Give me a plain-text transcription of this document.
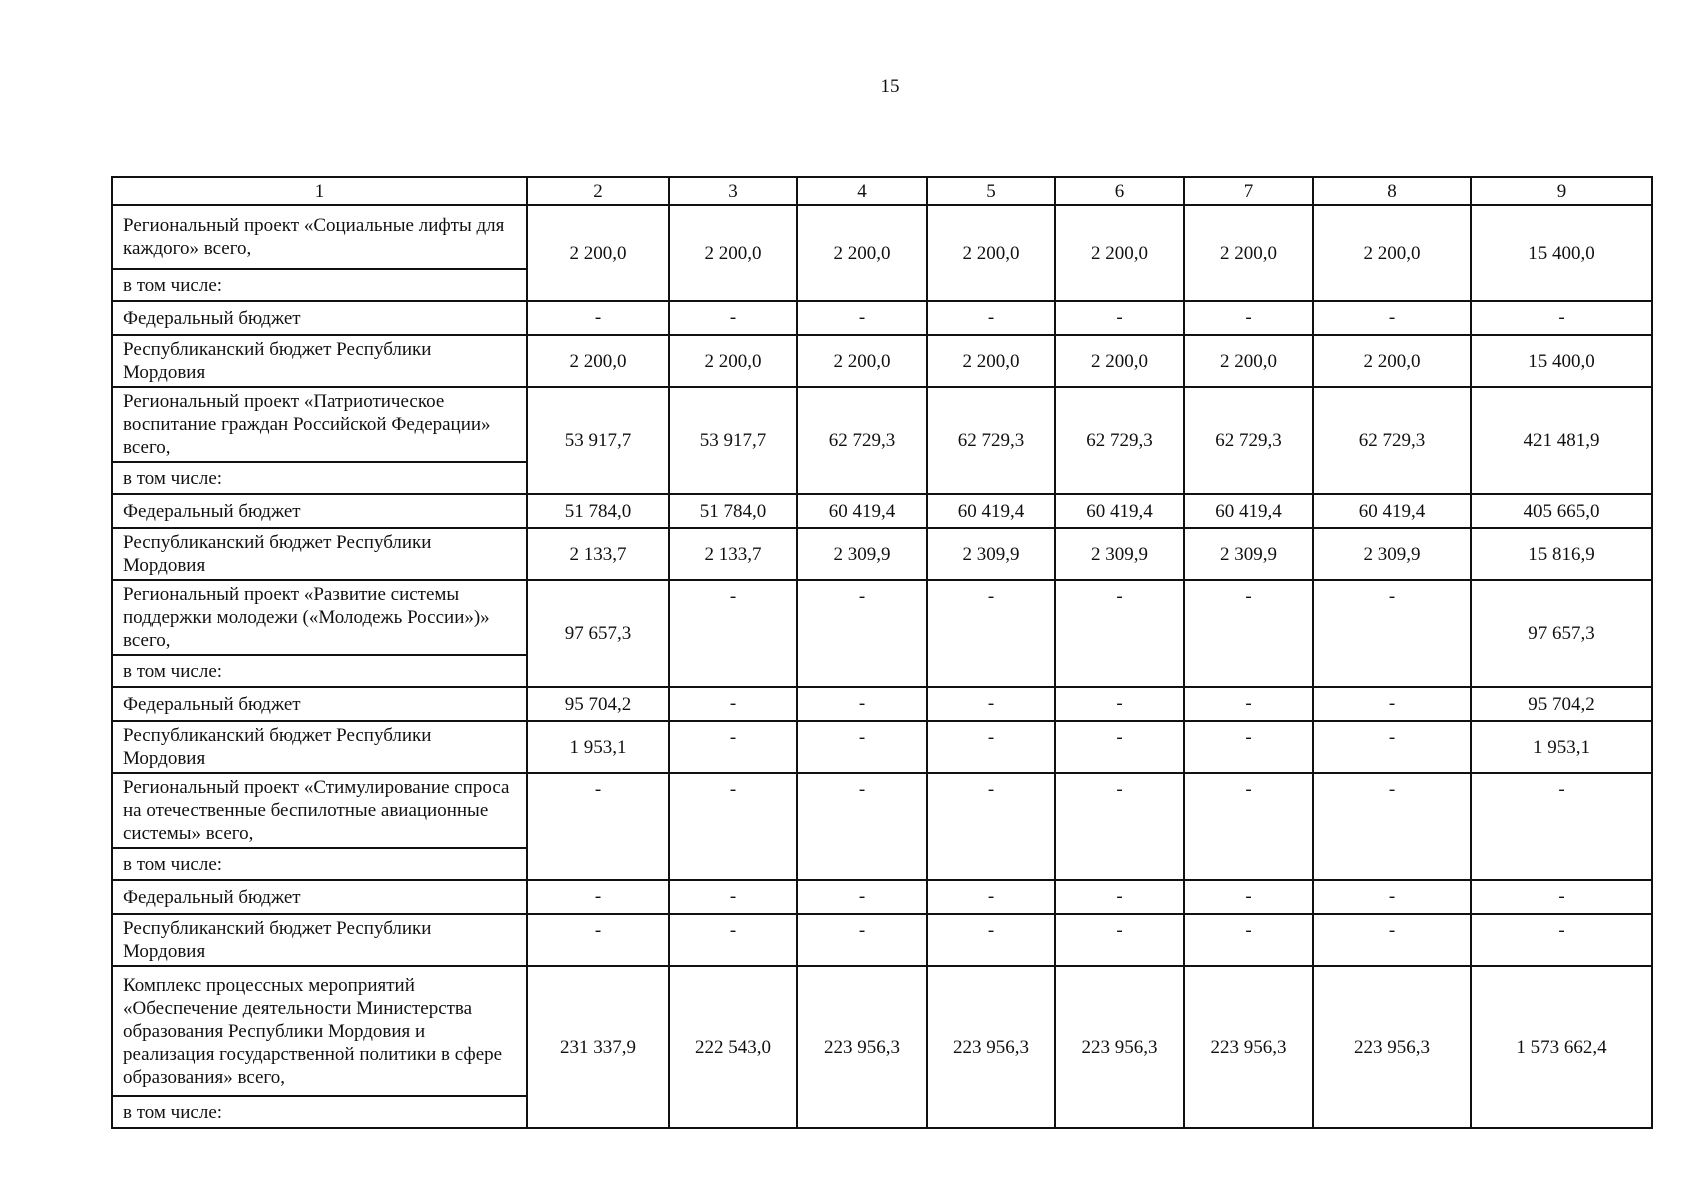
15
1	2	3	4	5	6	7	8	9
Региональный проект «Социальные лифты для каждого» всего,	2 200,0	2 200,0	2 200,0	2 200,0	2 200,0	2 200,0	2 200,0	15 400,0
в том числе:								
Федеральный бюджет	-	-	-	-	-	-	-	-
Республиканский бюджет Республики Мордовия	2 200,0	2 200,0	2 200,0	2 200,0	2 200,0	2 200,0	2 200,0	15 400,0
Региональный проект «Патриотическое воспитание граждан Российской Федерации» всего,	53 917,7	53 917,7	62 729,3	62 729,3	62 729,3	62 729,3	62 729,3	421 481,9
в том числе:								
Федеральный бюджет	51 784,0	51 784,0	60 419,4	60 419,4	60 419,4	60 419,4	60 419,4	405 665,0
Республиканский бюджет Республики Мордовия	2 133,7	2 133,7	2 309,9	2 309,9	2 309,9	2 309,9	2 309,9	15 816,9
Региональный проект «Развитие системы поддержки молодежи («Молодежь России»)» всего,	97 657,3	-	-	-	-	-	-	97 657,3
в том числе:								
Федеральный бюджет	95 704,2	-	-	-	-	-	-	95 704,2
Республиканский бюджет Республики Мордовия	1 953,1	-	-	-	-	-	-	1 953,1
Региональный проект «Стимулирование спроса на отечественные беспилотные авиационные системы» всего,	-	-	-	-	-	-	-	-
в том числе:								
Федеральный бюджет	-	-	-	-	-	-	-	-
Республиканский бюджет Республики Мордовия	-	-	-	-	-	-	-	-
Комплекс процессных мероприятий «Обеспечение деятельности Министерства образования Республики Мордовия и реализация государственной политики в сфере образования» всего,	231 337,9	222 543,0	223 956,3	223 956,3	223 956,3	223 956,3	223 956,3	1 573 662,4
в том числе:								
